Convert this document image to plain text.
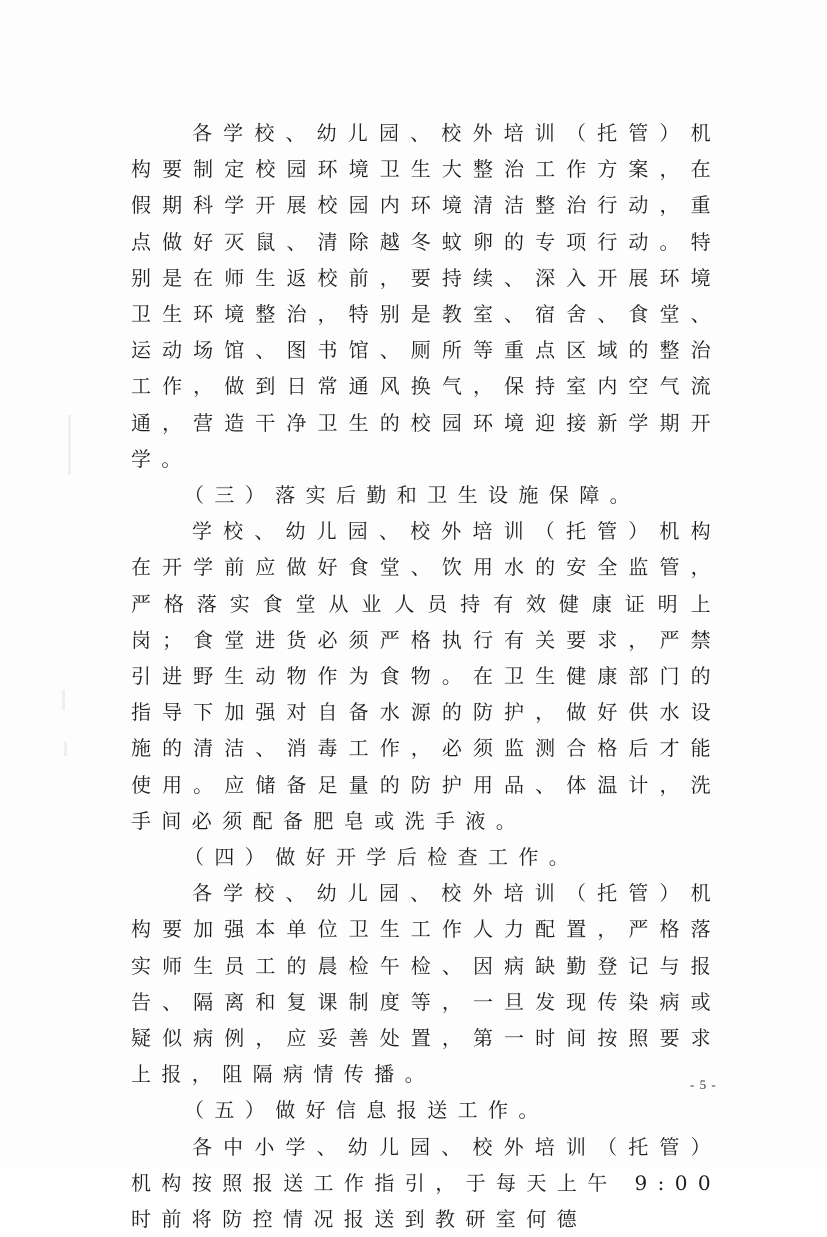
各学校、幼儿园、校外培训（托管）机构要制定校园环境卫生大整治工作方案，在假期科学开展校园内环境清洁整治行动，重点做好灭鼠、清除越冬蚊卵的专项行动。特别是在师生返校前，要持续、深入开展环境卫生环境整治，特别是教室、宿舍、食堂、运动场馆、图书馆、厕所等重点区域的整治工作，做到日常通风换气，保持室内空气流通，营造干净卫生的校园环境迎接新学期开学。

（三）落实后勤和卫生设施保障。

学校、幼儿园、校外培训（托管）机构在开学前应做好食堂、饮用水的安全监管，严格落实食堂从业人员持有效健康证明上岗；食堂进货必须严格执行有关要求，严禁引进野生动物作为食物。在卫生健康部门的指导下加强对自备水源的防护，做好供水设施的清洁、消毒工作，必须监测合格后才能使用。应储备足量的防护用品、体温计，洗手间必须配备肥皂或洗手液。

（四）做好开学后检查工作。

各学校、幼儿园、校外培训（托管）机构要加强本单位卫生工作人力配置，严格落实师生员工的晨检午检、因病缺勤登记与报告、隔离和复课制度等，一旦发现传染病或疑似病例，应妥善处置，第一时间按照要求上报，阻隔病情传播。

（五）做好信息报送工作。

各中小学、幼儿园、校外培训（托管）机构按照报送工作指引，于每天上午 9:00 时前将防控情况报送到教研室何德

- 5 -
